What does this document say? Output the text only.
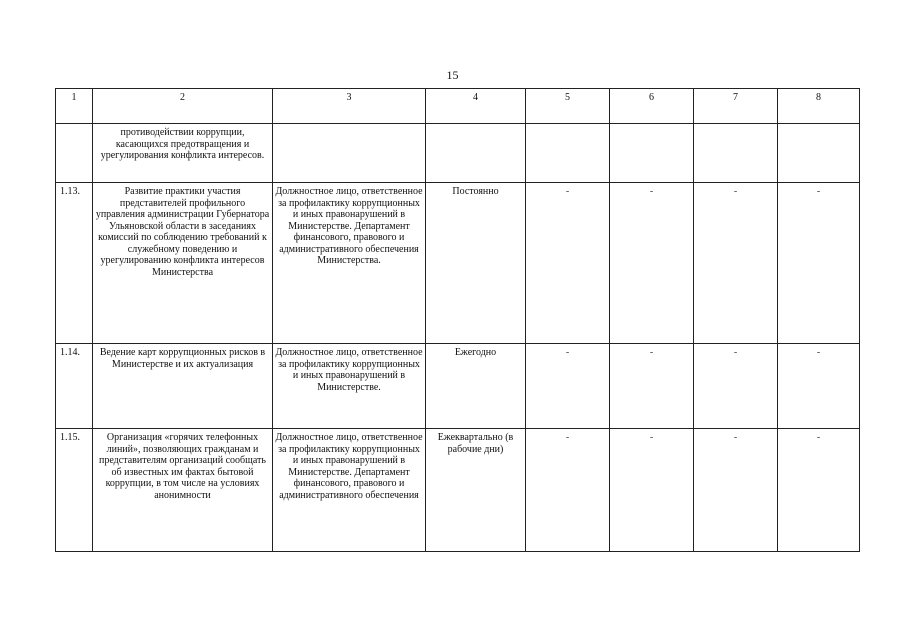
15
1	2	3	4	5	6	7	8
	противодействии коррупции, касающихся предотвращения и урегулирования конфликта интересов.						
1.13.	Развитие практики участия представителей профильного управления администрации Губернатора Ульяновской области в заседаниях комиссий по соблюдению требований к служебному поведению и урегулированию конфликта интересов Министерства	Должностное лицо, ответственное за профилактику коррупционных и иных правонарушений в Министерстве. Департамент финансового, правового и административного обеспечения Министерства.	Постоянно	-	-	-	-
1.14.	Ведение карт коррупционных рисков в Министерстве и их актуализация	Должностное лицо, ответственное за профилактику коррупционных и иных правонарушений в Министерстве.	Ежегодно	-	-	-	-
1.15.	Организация «горячих телефонных линий», позволяющих гражданам и представителям организаций сообщать об известных им фактах бытовой коррупции, в том числе на условиях анонимности	Должностное лицо, ответственное за профилактику коррупционных и иных правонарушений в Министерстве. Департамент финансового, правового и административного обеспечения	Ежеквартально (в рабочие дни)	-	-	-	-
